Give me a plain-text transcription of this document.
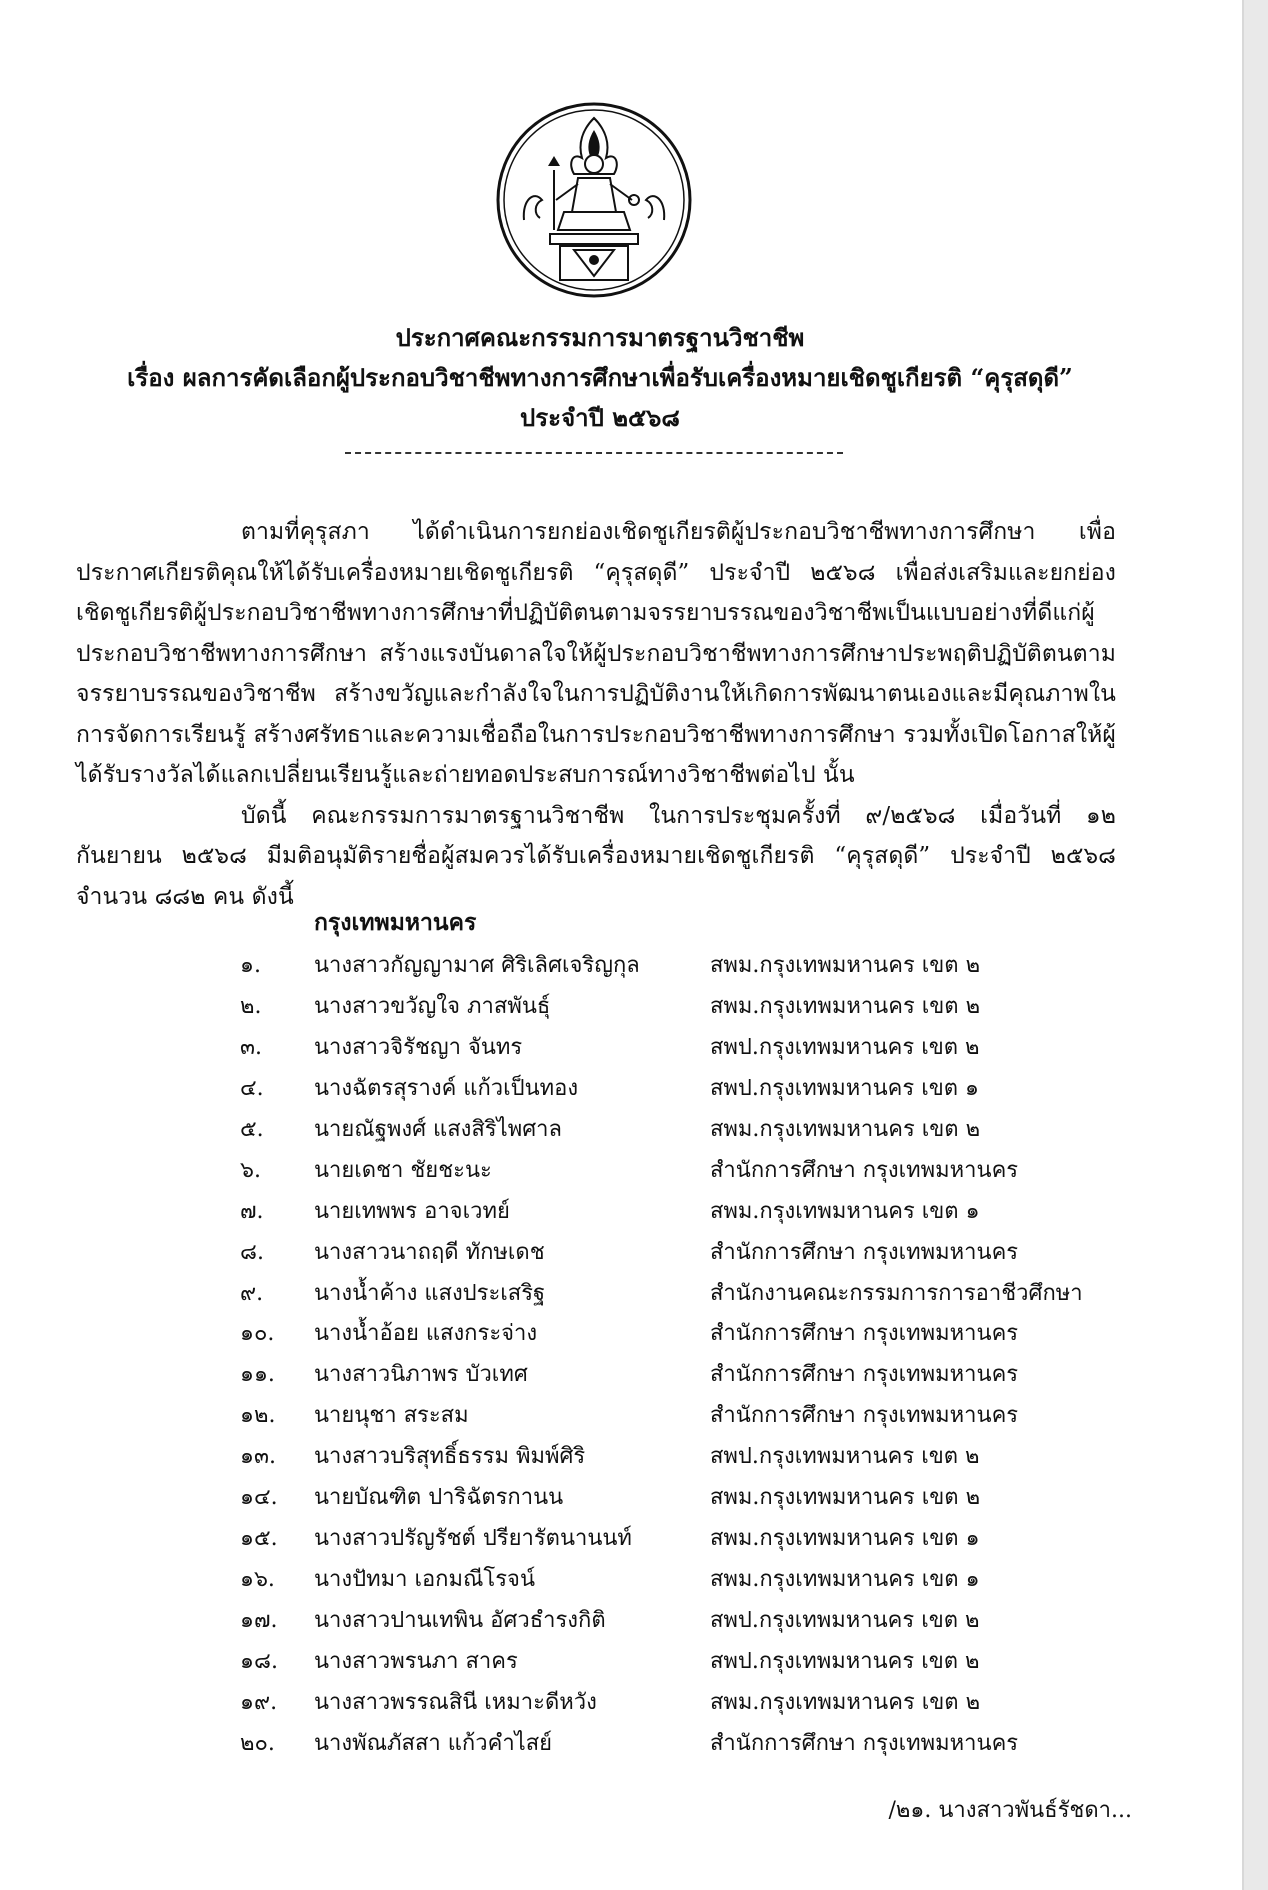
ประกาศคณะกรรมการมาตรฐานวิชาชีพ
เรื่อง ผลการคัดเลือกผู้ประกอบวิชาชีพทางการศึกษาเพื่อรับเครื่องหมายเชิดชูเกียรติ “คุรุสดุดี”
ประจำปี ๒๕๖๘

ตามที่คุรุสภา ได้ดำเนินการยกย่องเชิดชูเกียรติผู้ประกอบวิชาชีพทางการศึกษา เพื่อประกาศเกียรติคุณให้ได้รับเครื่องหมายเชิดชูเกียรติ “คุรุสดุดี” ประจำปี ๒๕๖๘ เพื่อส่งเสริมและยกย่องเชิดชูเกียรติผู้ประกอบวิชาชีพทางการศึกษาที่ปฏิบัติตนตามจรรยาบรรณของวิชาชีพเป็นแบบอย่างที่ดีแก่ผู้ประกอบวิชาชีพทางการศึกษา สร้างแรงบันดาลใจให้ผู้ประกอบวิชาชีพทางการศึกษาประพฤติปฏิบัติตนตามจรรยาบรรณของวิชาชีพ สร้างขวัญและกำลังใจในการปฏิบัติงานให้เกิดการพัฒนาตนเองและมีคุณภาพในการจัดการเรียนรู้ สร้างศรัทธาและความเชื่อถือในการประกอบวิชาชีพทางการศึกษา รวมทั้งเปิดโอกาสให้ผู้ได้รับรางวัลได้แลกเปลี่ยนเรียนรู้และถ่ายทอดประสบการณ์ทางวิชาชีพต่อไป นั้น

บัดนี้ คณะกรรมการมาตรฐานวิชาชีพ ในการประชุมครั้งที่ ๙/๒๕๖๘ เมื่อวันที่ ๑๒ กันยายน ๒๕๖๘ มีมติอนุมัติรายชื่อผู้สมควรได้รับเครื่องหมายเชิดชูเกียรติ “คุรุสดุดี” ประจำปี ๒๕๖๘ จำนวน ๘๘๒ คน ดังนี้

กรุงเทพมหานคร
๑.	นางสาวกัญญามาศ ศิริเลิศเจริญกุล	สพม.กรุงเทพมหานคร เขต ๒
๒.	นางสาวขวัญใจ ภาสพันธุ์	สพม.กรุงเทพมหานคร เขต ๒
๓.	นางสาวจิรัชญา จันทร	สพป.กรุงเทพมหานคร เขต ๒
๔.	นางฉัตรสุรางค์ แก้วเป็นทอง	สพป.กรุงเทพมหานคร เขต ๑
๕.	นายณัฐพงศ์ แสงสิริไพศาล	สพม.กรุงเทพมหานคร เขต ๒
๖.	นายเดชา ชัยชะนะ	สำนักการศึกษา กรุงเทพมหานคร
๗.	นายเทพพร อาจเวทย์	สพม.กรุงเทพมหานคร เขต ๑
๘.	นางสาวนาถฤดี ทักษเดช	สำนักการศึกษา กรุงเทพมหานคร
๙.	นางน้ำค้าง แสงประเสริฐ	สำนักงานคณะกรรมการการอาชีวศึกษา
๑๐.	นางน้ำอ้อย แสงกระจ่าง	สำนักการศึกษา กรุงเทพมหานคร
๑๑.	นางสาวนิภาพร บัวเทศ	สำนักการศึกษา กรุงเทพมหานคร
๑๒.	นายนุชา สระสม	สำนักการศึกษา กรุงเทพมหานคร
๑๓.	นางสาวบริสุทธิ์ธรรม พิมพ์ศิริ	สพป.กรุงเทพมหานคร เขต ๒
๑๔.	นายบัณฑิต ปาริฉัตรกานน	สพม.กรุงเทพมหานคร เขต ๒
๑๕.	นางสาวปรัญรัชต์ ปรียารัตนานนท์	สพม.กรุงเทพมหานคร เขต ๑
๑๖.	นางปัทมา เอกมณีโรจน์	สพม.กรุงเทพมหานคร เขต ๑
๑๗.	นางสาวปานเทพิน อัศวธำรงกิติ	สพป.กรุงเทพมหานคร เขต ๒
๑๘.	นางสาวพรนภา สาคร	สพป.กรุงเทพมหานคร เขต ๒
๑๙.	นางสาวพรรณสินี เหมาะดีหวัง	สพม.กรุงเทพมหานคร เขต ๒
๒๐.	นางพัณภัสสา แก้วคำไสย์	สำนักการศึกษา กรุงเทพมหานคร
/๒๑. นางสาวพันธ์รัชดา...
